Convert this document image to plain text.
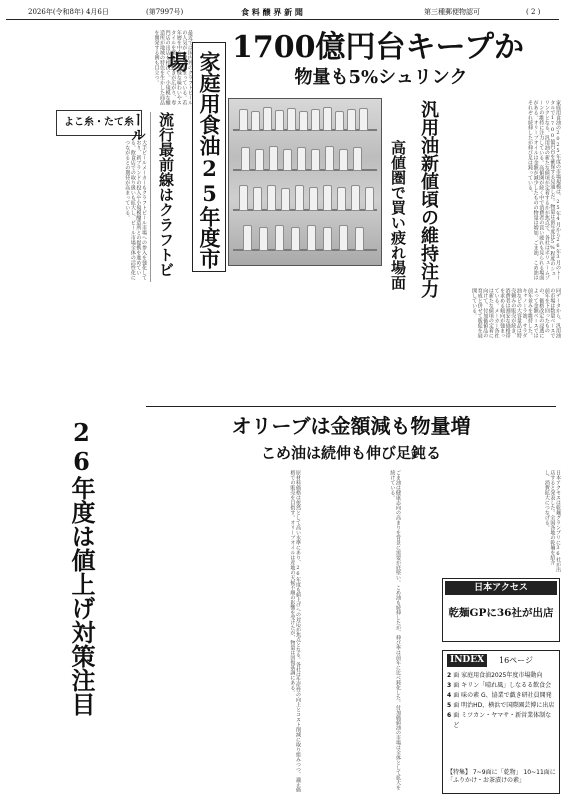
2026年(令和8年) 4月6日	(第7997号)	食 料 醸 界 新 聞	第三種郵便物認可	( 2 )
1700億円台キープか
物量も5%シュリンク
家庭用食油25年度市場
家庭用食油の2025年度の市場規模は、25年4月から26年3月のトータルで1700億円台を確保する見通しだ。物量は前年度比5%程度のシュリンクとなる。汎用油の新たな値頃が定着するかが焦点で、各社はボリュームゾーンの維持に注力している。高値圏が続く中で消費者の買い疲れも見られる場面がある。オリーブオイルは金額が減少したものの物量は増加。ごま油、こめ油はそれぞれ続伸したが伸び足は鈍っている。
汎用油新値頃の維持注力
高値圏で買い疲れ場面
よこ糸・たて糸	流行最前線はクラフトビール
最近では国内外のクラフトビールの人気が一段と高まっている。若年層を中心に、多様な味わいやスタイルを楽しむ動きが広がり、専門店の出店も相次ぐ。小規模な醸造所が地域の特色を生かした商品を開発する例も目立つ。
大手ビールメーカーもクラフトビール市場への参入を強化しており、新ブランドの投入や小規模醸造所との提携を進めている。飲食店での取り扱いも拡大し、ビール市場全体の活性化につながるとの期待が高まっている。
同データから、汎用油の市場は数量ベースで前年を下回ったものの、価格改定の浸透によって金額ベースでは前年並みを維持した。キャノーラ油、サラダ油などの大容量品は特売頼みの販売が続き、消費者は割安な価格帯を求める傾向が強まっている。メーカー各社は新たな値頃の定着に向けて、付加価値品の育成と併せて販促を展開している。
オリーブは金額減も物量増
こめ油は続伸も伸び足鈍る
26年度は値上げ対策注目	原材料価格は依然として高い水準にあり、26年度も値上げへの対応が焦点となる。各社は生産性の向上とコスト削減に取り組みつつ、適正価格での販売を目指す。オリーブオイルは産地の天候不順の影響を受けたが、物量は回復基調にある。	ごま油は健康志向の高まりを背景に需要が底堅い。こめ油も続伸したが、伸び率は前年に比べ鈍化した。付加価値油の市場は全体として拡大を続けている。
日本アクセス
乾麺GPに36社が出店
日本アクセスは乾麺グランプリに36社が出店すると発表した。全国各地の乾麺を紹介し、消費拡大につなげる。
INDEX	16ページ
2 面 家庭用食油2025年度市場動向
3 面 キリン「晴れ風」しなるる飲食会
4 面 味の素 G、協業で戯き研社員開発
5 面 明治HD、横浜で国際園芸博に出店
6 面 ミツカン・ヤマサ・新営業体制など
【特集】 7~9面に「乾物」 10~11面に「ふりかけ・お茶漬けの素」
